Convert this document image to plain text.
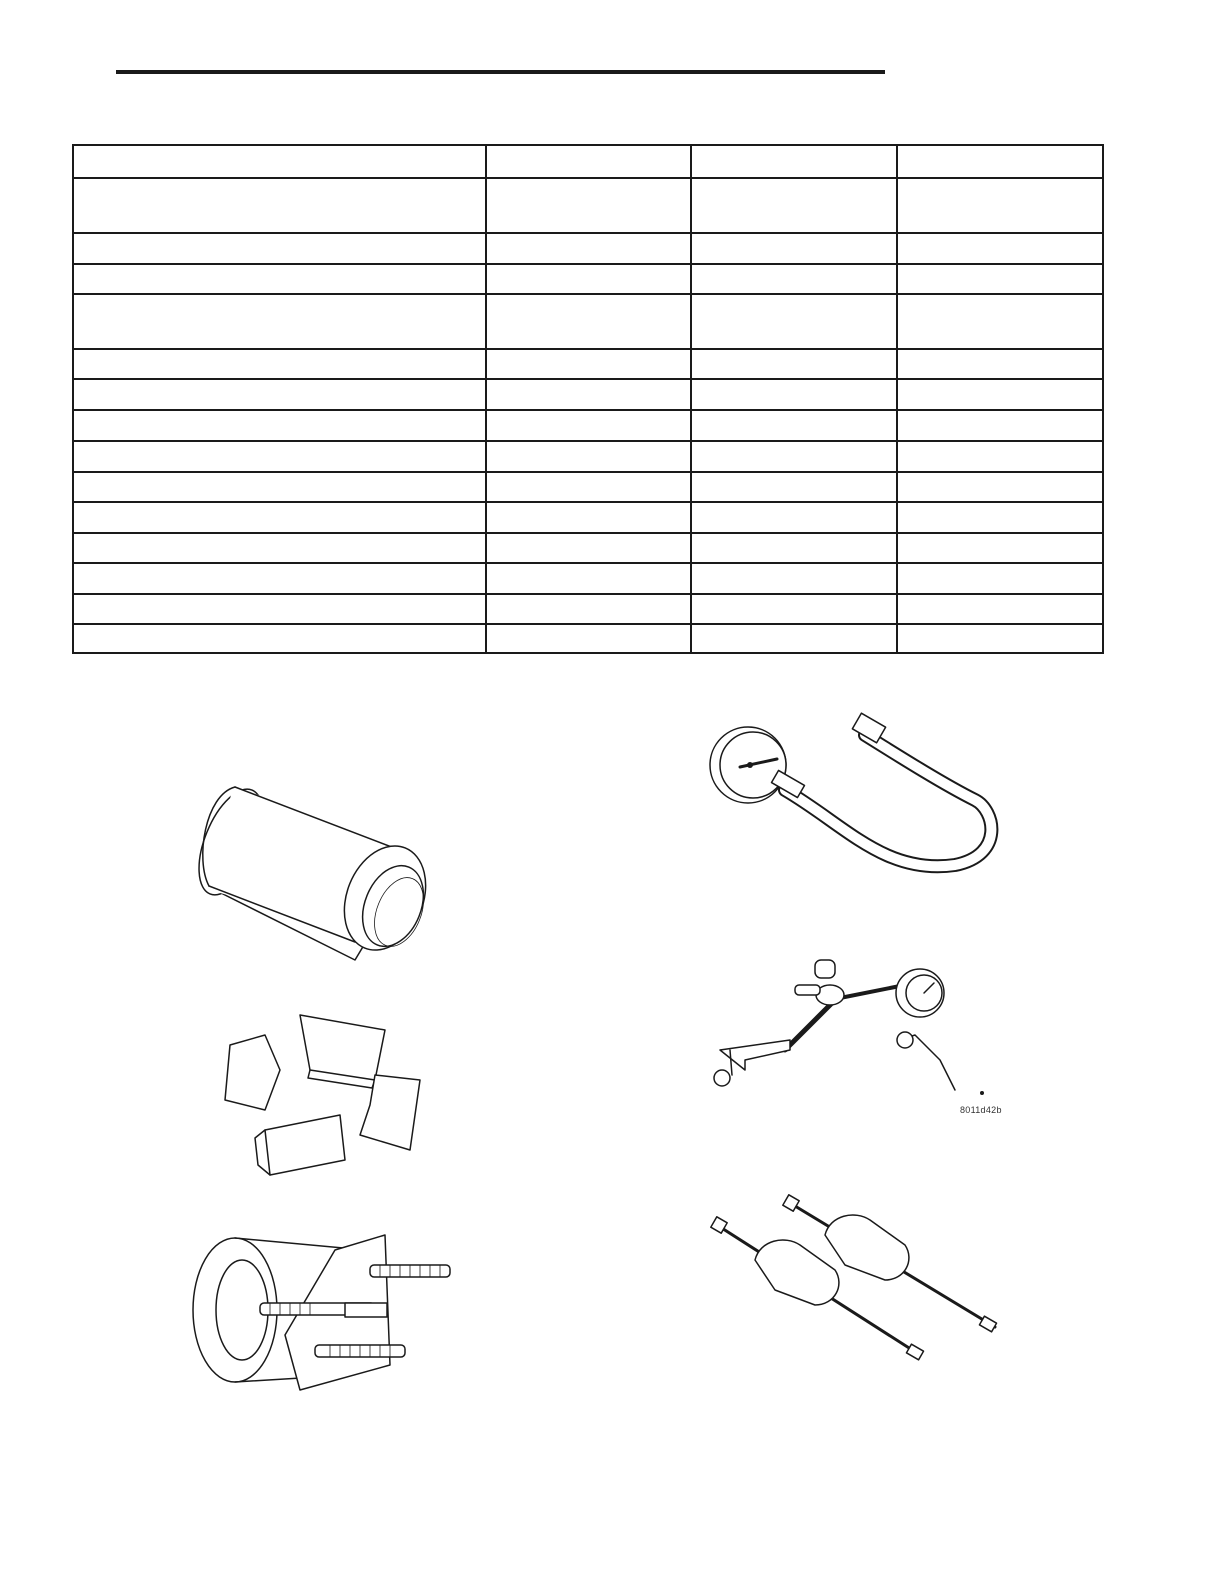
8011d42b
